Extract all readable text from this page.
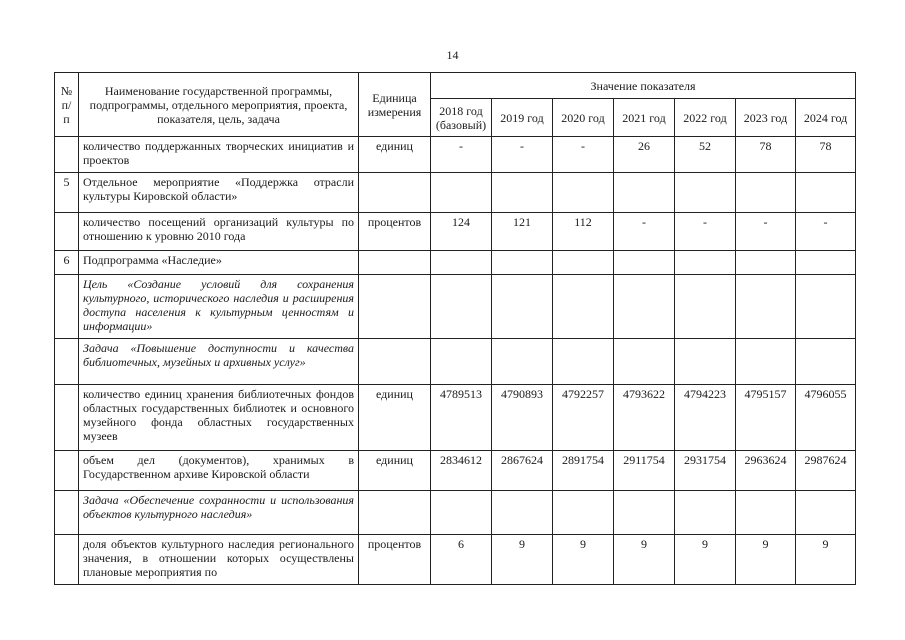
14
№ п/п	Наименование государственной программы, подпрограммы, отдельного мероприятия, проекта, показателя, цель, задача	Единица измерения	Значение показателя						
			2018 год (базовый)	2019 год	2020 год	2021 год	2022 год	2023 год	2024 год
	количество поддержанных творческих инициатив и проектов	единиц	-	-	-	26	52	78	78
5	Отдельное мероприятие «Поддержка отрасли культуры Кировской области»								
	количество посещений организаций культуры по отношению к уровню 2010 года	процентов	124	121	112	-	-	-	-
6	Подпрограмма «Наследие»								
	Цель «Создание условий для сохранения культурного, исторического наследия и расширения доступа населения к культурным ценностям и информации»								
	Задача «Повышение доступности и качества библиотечных, музейных и архивных услуг»								
	количество единиц хранения библиотечных фондов областных государственных библиотек и основного музейного фонда областных государственных музеев	единиц	4789513	4790893	4792257	4793622	4794223	4795157	4796055
	объем дел (документов), хранимых в Государственном архиве Кировской области	единиц	2834612	2867624	2891754	2911754	2931754	2963624	2987624
	Задача «Обеспечение сохранности и использования объектов культурного наследия»								
	доля объектов культурного наследия регионального значения, в отношении которых осуществлены плановые мероприятия по	процентов	6	9	9	9	9	9	9
